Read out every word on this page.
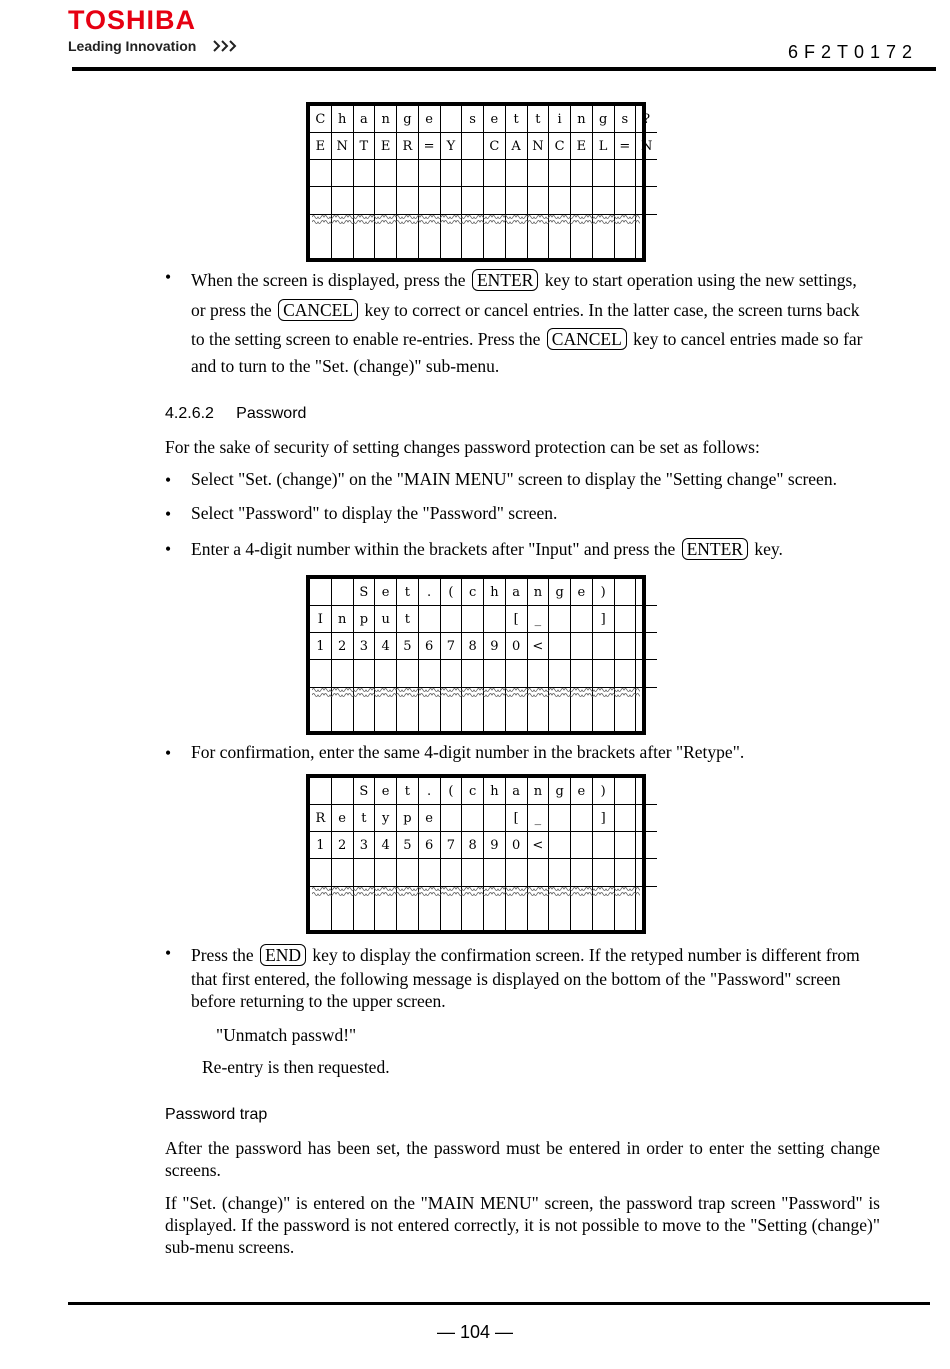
TOSHIBA
Leading Innovation	6F2T0172
C	h	a	n	g	e		s	e	t	t	i	n	g	s	?
E	N	T	E	R	=	Y		C	A	N	C	E	L	=	N

• When the screen is displayed, press the ENTER key to start operation using the new settings,
or press the CANCEL key to correct or cancel entries. In the latter case, the screen turns back
to the setting screen to enable re-entries. Press the CANCEL key to cancel entries made so far
and to turn to the "Set. (change)" sub-menu.
4.2.6.2 Password
For the sake of security of setting changes password protection can be set as follows:
• Select "Set. (change)" on the "MAIN MENU" screen to display the "Setting change" screen.
• Select "Password" to display the "Password" screen.
• Enter a 4-digit number within the brackets after "Input" and press the ENTER key.
		S	e	t	.	(	c	h	a	n	g	e	)		
I	n	p	u	t					[	_			]		
1	2	3	4	5	6	7	8	9	0	<					

• For confirmation, enter the same 4-digit number in the brackets after "Retype".
		S	e	t	.	(	c	h	a	n	g	e	)		
R	e	t	y	p	e				[	_			]		
1	2	3	4	5	6	7	8	9	0	<					

• Press the END key to display the confirmation screen. If the retyped number is different from
that first entered, the following message is displayed on the bottom of the "Password" screen
before returning to the upper screen.
"Unmatch passwd!"
Re-entry is then requested.
Password trap
After the password has been set, the password must be entered in order to enter the setting change screens.
If "Set. (change)" is entered on the "MAIN MENU" screen, the password trap screen "Password" is displayed. If the password is not entered correctly, it is not possible to move to the "Setting (change)" sub-menu screens.
— 104 —
